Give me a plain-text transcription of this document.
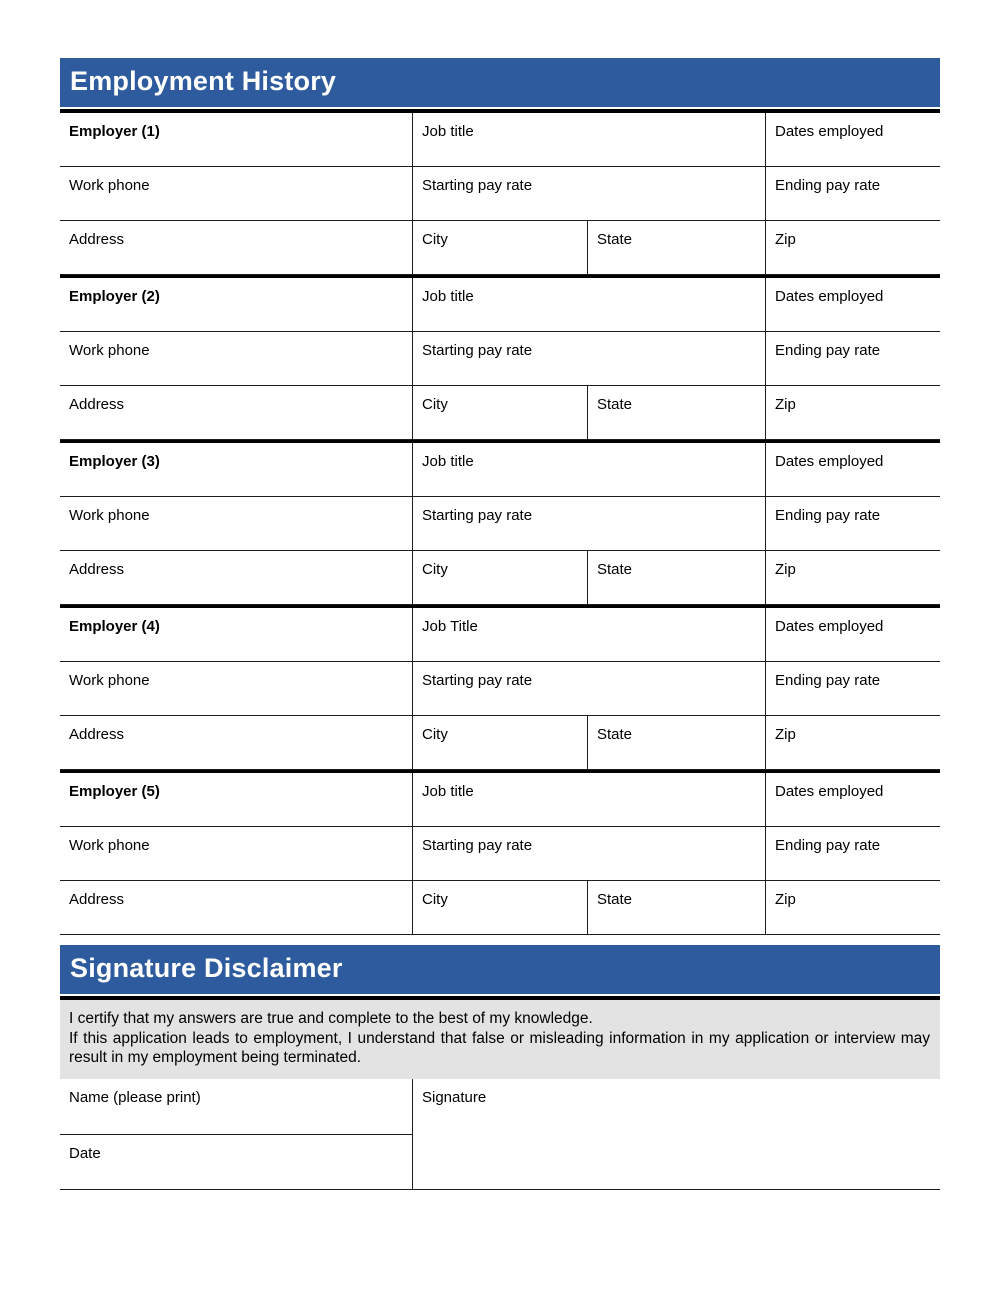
Employment History
Employer (1)	Job title	Dates employed
Work phone	Starting pay rate	Ending pay rate
Address	City	State	Zip
Employer (2)	Job title	Dates employed
Work phone	Starting pay rate	Ending pay rate
Address	City	State	Zip
Employer (3)	Job title	Dates employed
Work phone	Starting pay rate	Ending pay rate
Address	City	State	Zip
Employer (4)	Job Title	Dates employed
Work phone	Starting pay rate	Ending pay rate
Address	City	State	Zip
Employer (5)	Job title	Dates employed
Work phone	Starting pay rate	Ending pay rate
Address	City	State	Zip
Signature Disclaimer
I certify that my answers are true and complete to the best of my knowledge.
If this application leads to employment, I understand that false or misleading information in my application or interview may result in my employment being terminated.
Name (please print)
Date
Signature
